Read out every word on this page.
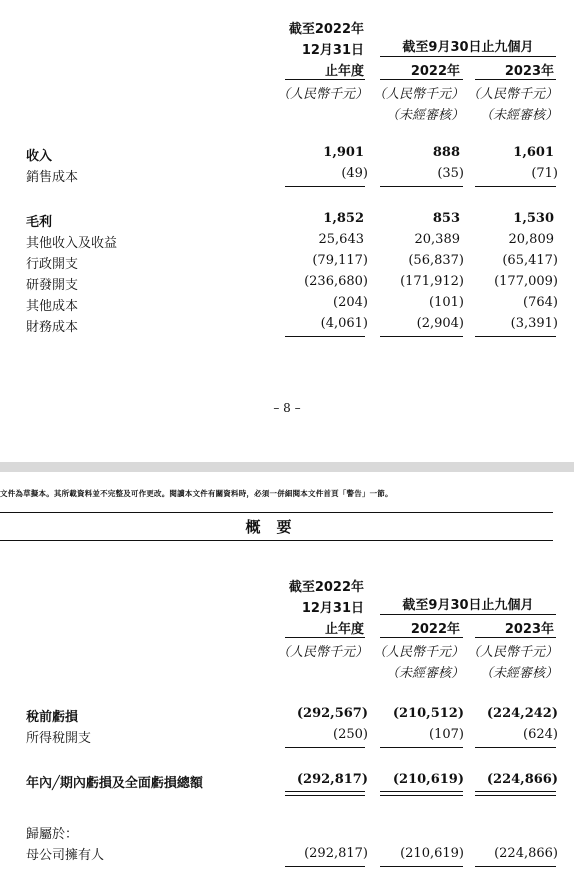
截至2022年
12月31日
止年度
截至9月30日止九個月
2022年	2023年
（人民幣千元） （人民幣千元） （人民幣千元）
（未經審核） （未經審核）
收入	1,901	888	1,601
銷售成本	(49)	(35)	(71)
毛利	1,852	853	1,530
其他收入及收益	25,643	20,389	20,809
行政開支	(79,117)	(56,837)	(65,417)
研發開支	(236,680) (171,912) (177,009)
其他成本	(204)	(101)	(764)
財務成本	(4,061)	(2,904)	(3,391)
– 8 –
文件為草擬本。其所載資料並不完整及可作更改。閱讀本文件有關資料時，必須一併細閱本文件首頁「警告」一節。
概要
截至2022年
12月31日
止年度
截至9月30日止九個月
2022年	2023年
（人民幣千元） （人民幣千元） （人民幣千元）
（未經審核） （未經審核）
稅前虧損	(292,567) (210,512) (224,242)
所得稅開支	(250)	(107)	(624)
年內╱期內虧損及全面虧損總額	(292,817) (210,619) (224,866)
歸屬於：
母公司擁有人	(292,817) (210,619) (224,866)
